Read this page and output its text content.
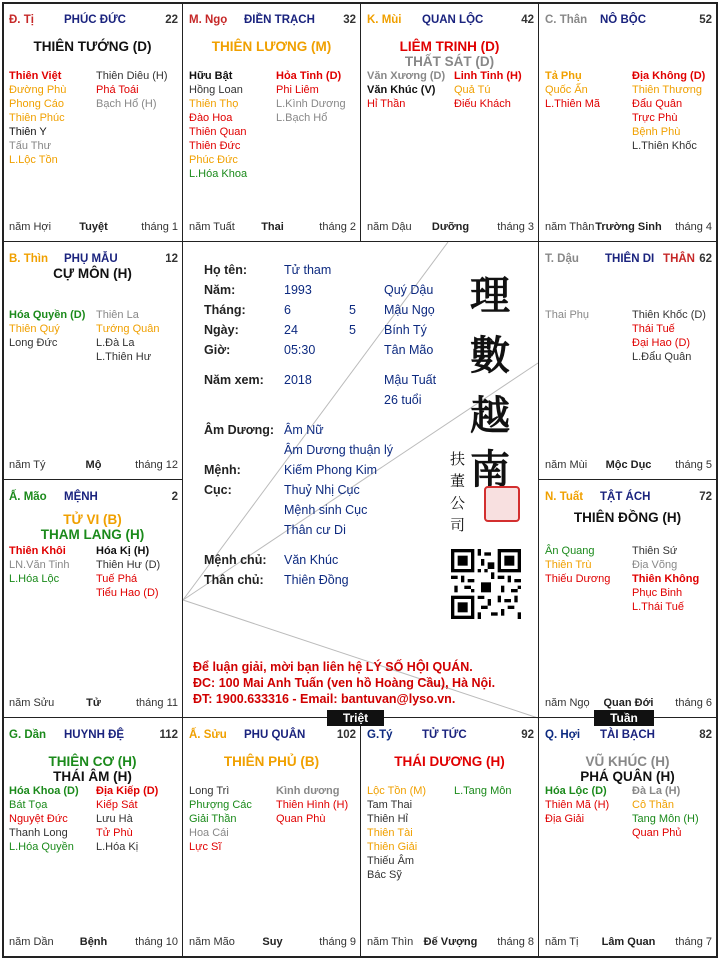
Đ. Tị	PHÚC ĐỨC	22
THIÊN TƯỚNG (D)
Thiên Việt
Đường Phù
Phong Cáo
Thiên Phúc
Thiên Y
Tấu Thư
L.Lộc Tồn
Thiên Diêu (H)
Phá Toái
Bạch Hổ (H)
năm Hợi	Tuyệt	tháng 1
M. Ngọ ĐIỀN TRẠCH 32
THIÊN LƯƠNG (M)
Hữu Bật
Hồng Loan
Thiên Thọ
Đào Hoa
Thiên Quan
Thiên Đức
Phúc Đức
L.Hóa Khoa
Hỏa Tinh (D)
Phi Liêm
L.Kình Dương
L.Bạch Hổ
năm Tuất	Thai	tháng 2
K. Mùi QUAN LỘC	42
LIÊM TRINH (D)
THẤT SÁT (D)
Văn Xương (D)
Văn Khúc (V)
Hỉ Thần
Linh Tinh (H)
Quả Tú
Điếu Khách
năm Dậu	Dưỡng	tháng 3
C. Thân NÔ BỘC	52
Tả Phụ
Quốc Ấn
L.Thiên Mã
Địa Không (D)
Thiên Thương
Đẩu Quân
Trực Phù
Bệnh Phù
L.Thiên Khốc
năm Thân Trường Sinh	tháng 4
B. Thìn PHỤ MẪU	12
CỰ MÔN (H)
Hóa Quyền (D)
Thiên Quý
Long Đức
Thiên La
Tướng Quân
L.Đà La
L.Thiên Hư
năm Tý	Mộ	tháng 12
T. Dậu THIÊN DI	62
THÂN
Thai Phụ	Thiên Khốc (D)
Thái Tuế
Đại Hao (D)
L.Đẩu Quân
năm Mùi	Mộc Dục	tháng 5
Ấ. Mão MỆNH	2
TỬ VI (B)
THAM LANG (H)
Thiên Khôi
LN.Văn Tinh
L.Hóa Lộc
Hóa Kị (H)
Thiên Hư (D)
Tuế Phá
Tiểu Hao (D)
năm Sửu	Tử	tháng 11
N. Tuất TẬT ÁCH	72
THIÊN ĐỒNG (H)
Ân Quang
Thiên Trù
Thiếu Dương
Thiên Sứ
Địa Võng
Thiên Không
Phục Binh
L.Thái Tuế
năm Ngọ	Quan Đới	tháng 6
G. Dần HUYNH ĐỆ	112
THIÊN CƠ (H)
THÁI ÂM (H)
Hóa Khoa (D)
Bát Tọa
Nguyệt Đức
Thanh Long
L.Hóa Quyền
Địa Kiếp (D)
Kiếp Sát
Lưu Hà
Tử Phù
L.Hóa Kị
năm Dần	Bệnh	tháng 10
Ấ. Sửu PHU QUÂN	102
THIÊN PHỦ (B)
Long Trì
Phượng Các
Giải Thần
Hoa Cái
Lực Sĩ
Kình dương
Thiên Hình (H)
Quan Phù
năm Mão	Suy	tháng 9
G.Tý	TỬ TỨC	92
THÁI DƯƠNG (H)
Lộc Tồn (M)
Tam Thai
Thiên Hỉ
Thiên Tài
Thiên Giải
Thiếu Âm
Bác Sỹ
L.Tang Môn
năm Thìn Đế Vượng	tháng 8
Q. Hợi TÀI BẠCH	82
VŨ KHÚC (H)
PHÁ QUÂN (H)
Hóa Lộc (D)
Thiên Mã (H)
Địa Giải
Đà La (H)
Cô Thần
Tang Môn (H)
Quan Phủ
năm Tị	Lâm Quan	tháng 7
Họ tên:	Tử tham
Năm:	1993	Quý Dậu
Tháng:	6	5 Mậu Ngọ
Ngày:	24	5 Bính Tý
Giờ:	05:30	Tân Mão
Năm xem: 2018	Mậu Tuất
26 tuổi
Âm Dương: Âm Nữ
Âm Dương thuận lý
Mệnh:	Kiếm Phong Kim
Cục:	Thuỷ Nhị Cục
Mệnh sinh Cục
Thân cư Di
Mệnh chủ: Văn Khúc
Thân chủ: Thiên Đồng
理
數
越
南
扶
董
公
司
Để luận giải, mời bạn liên hệ LÝ SỐ HỘI QUÁN.
ĐC: 100 Mai Anh Tuấn (ven hồ Hoàng Cầu), Hà Nội.
ĐT: 1900.633316 - Email: bantuvan@lyso.vn.
Triệt	Tuần
